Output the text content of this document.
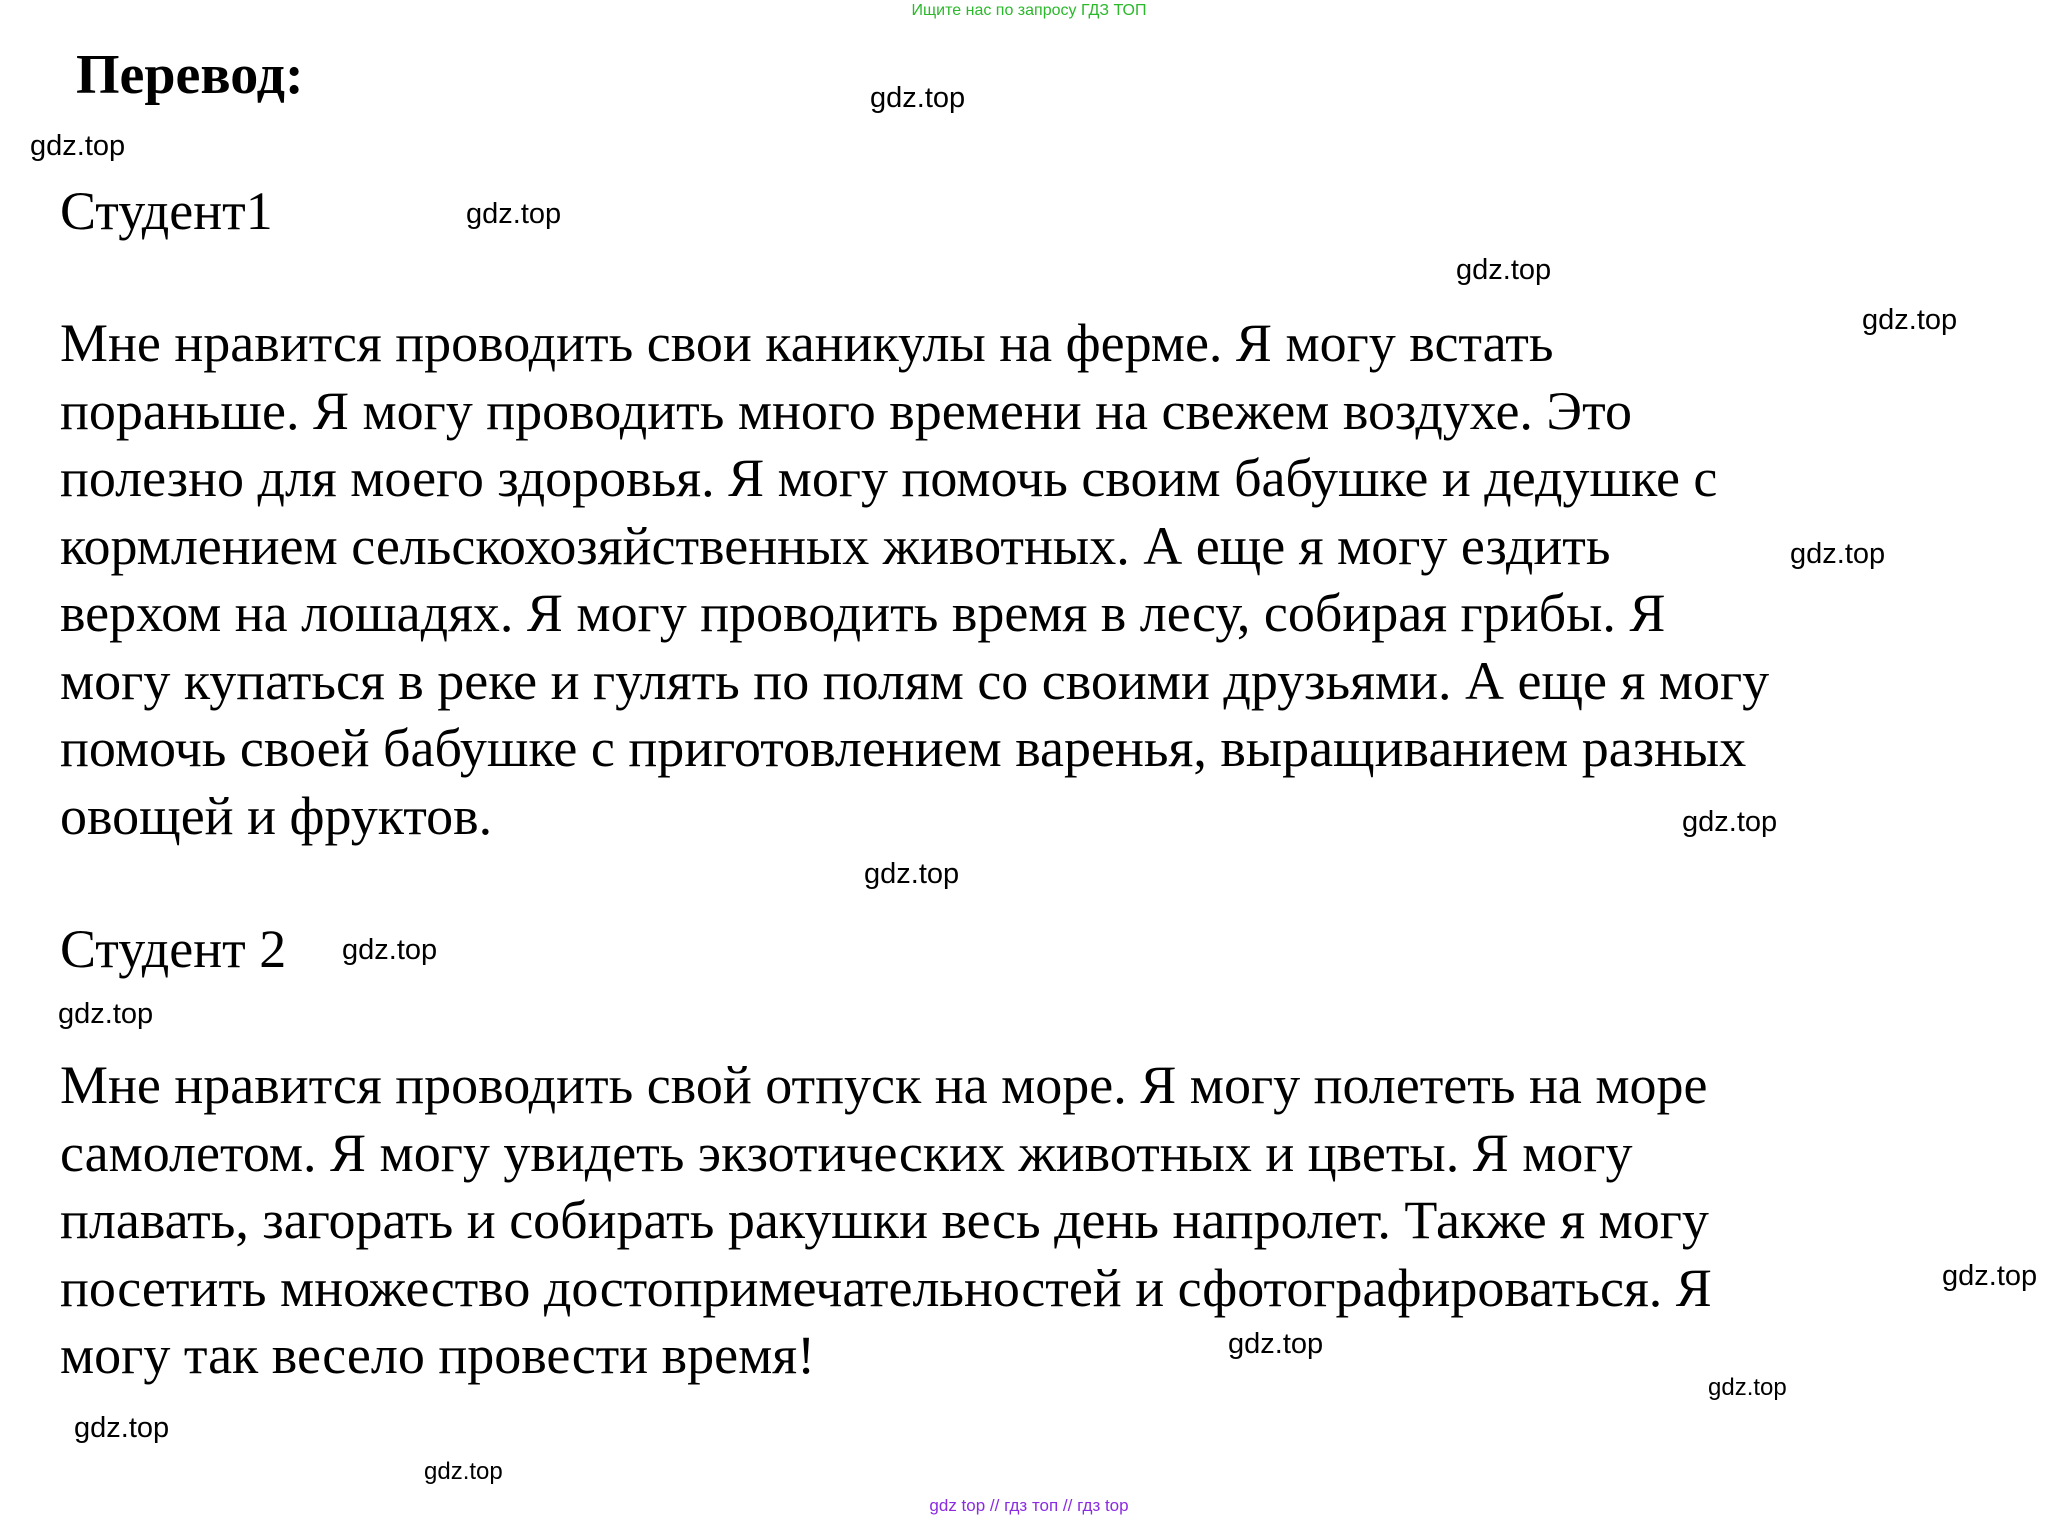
Ищите нас по запросу ГДЗ ТОП
Перевод:

Студент1

Мне нравится проводить свои каникулы на ферме. Я могу встать
пораньше. Я могу проводить много времени на свежем воздухе. Это
полезно для моего здоровья. Я могу помочь своим бабушке и дедушке с
кормлением сельскохозяйственных животных. А еще я могу ездить
верхом на лошадях. Я могу проводить время в лесу, собирая грибы. Я
могу купаться в реке и гулять по полям со своими друзьями. А еще я могу
помочь своей бабушке с приготовлением варенья, выращиванием разных
овощей и фруктов.

Студент 2

Мне нравится проводить свой отпуск на море. Я могу полететь на море
самолетом. Я могу увидеть экзотических животных и цветы. Я могу
плавать, загорать и собирать ракушки весь день напролет. Также я могу
посетить множество достопримечательностей и сфотографироваться. Я
могу так весело провести время!
gdz.top
gdz.top
gdz.top
gdz.top
gdz.top
gdz.top
gdz.top
gdz.top
gdz.top
gdz.top
gdz.top
gdz.top
gdz.top
gdz.top
gdz.top
gdz top // гдз топ // гдз top
